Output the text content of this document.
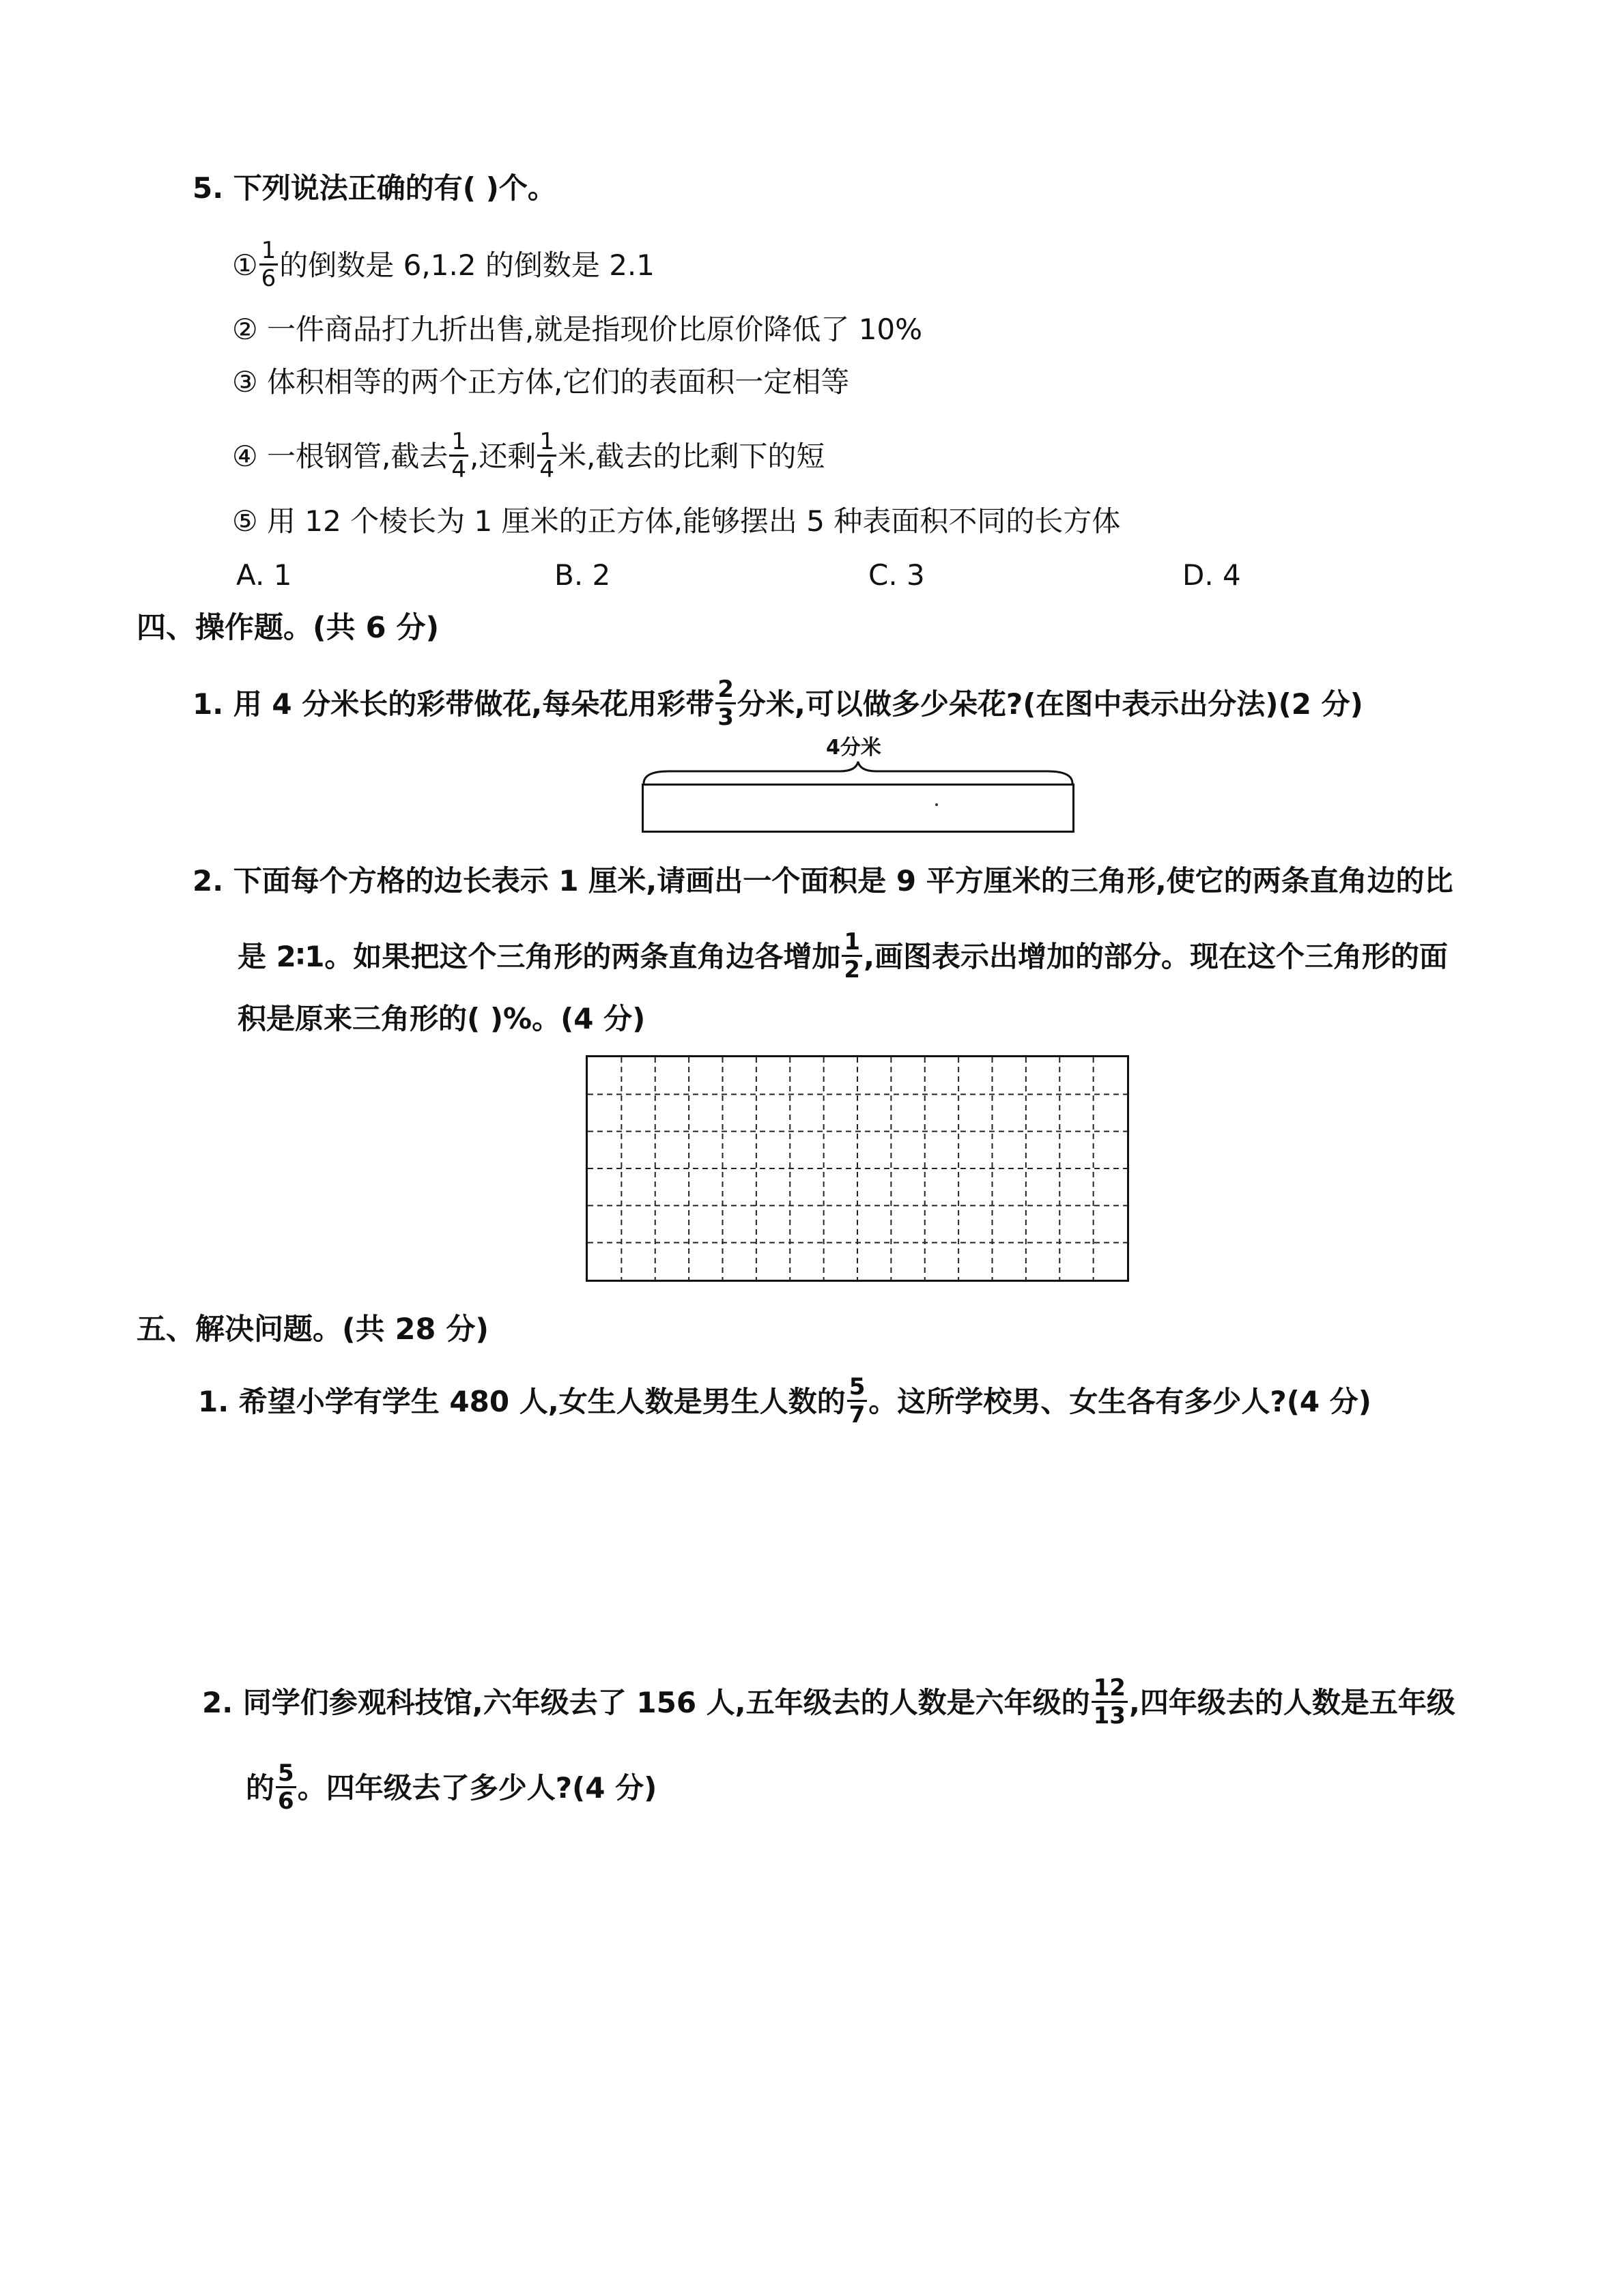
5. 下列说法正确的有( )个。
① $\frac{1}{6}$ 的倒数是 6,1.2 的倒数是 2.1
② 一件商品打九折出售,就是指现价比原价降低了 10%
③ 体积相等的两个正方体,它们的表面积一定相等
④ 一根钢管,截去 $\frac{1}{4}$ ,还剩 $\frac{1}{4}$ 米,截去的比剩下的短
⑤ 用 12 个棱长为 1 厘米的正方体,能够摆出 5 种表面积不同的长方体
A. 1	B. 2	C. 3	D. 4
四、操作题。(共 6 分)
1. 用 4 分米长的彩带做花,每朵花用彩带 $\frac{2}{3}$ 分米,可以做多少朵花?(在图中表示出分法)(2 分)
4分米
2. 下面每个方格的边长表示 1 厘米,请画出一个面积是 9 平方厘米的三角形,使它的两条直角边的比
是 2∶1。如果把这个三角形的两条直角边各增加 $\frac{1}{2}$ ,画图表示出增加的部分。现在这个三角形的面
积是原来三角形的( )%。(4 分)
五、解决问题。(共 28 分)
1. 希望小学有学生 480 人,女生人数是男生人数的 $\frac{5}{7}$ 。这所学校男、女生各有多少人?(4 分)
2. 同学们参观科技馆,六年级去了 156 人,五年级去的人数是六年级的 $\frac{12}{13}$ ,四年级去的人数是五年级
的 $\frac{5}{6}$ 。四年级去了多少人?(4 分)
